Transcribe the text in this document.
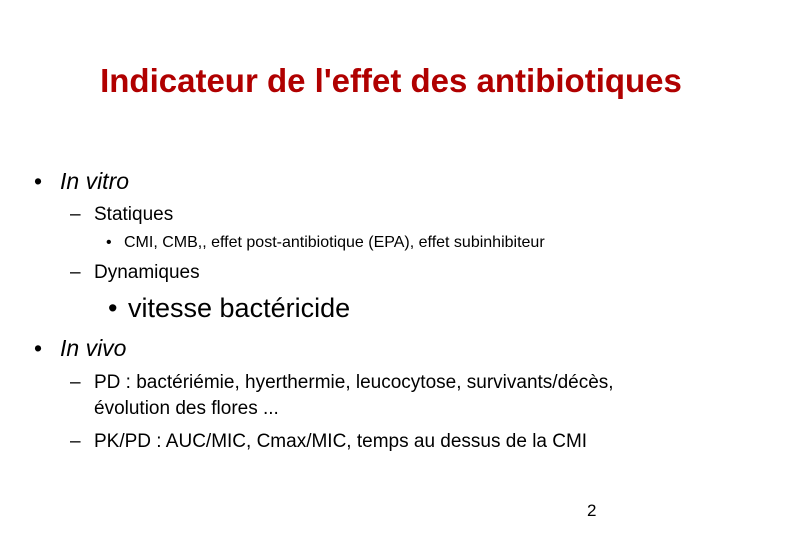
Indicateur de l'effet des antibiotiques
• In vitro
– Statiques
• CMI, CMB,, effet post-antibiotique (EPA), effet subinhibiteur
– Dynamiques
• vitesse bactéricide
• In vivo
– PD : bactériémie, hyerthermie, leucocytose, survivants/décès,
évolution des flores ...
– PK/PD : AUC/MIC, Cmax/MIC, temps au dessus de la CMI
2
